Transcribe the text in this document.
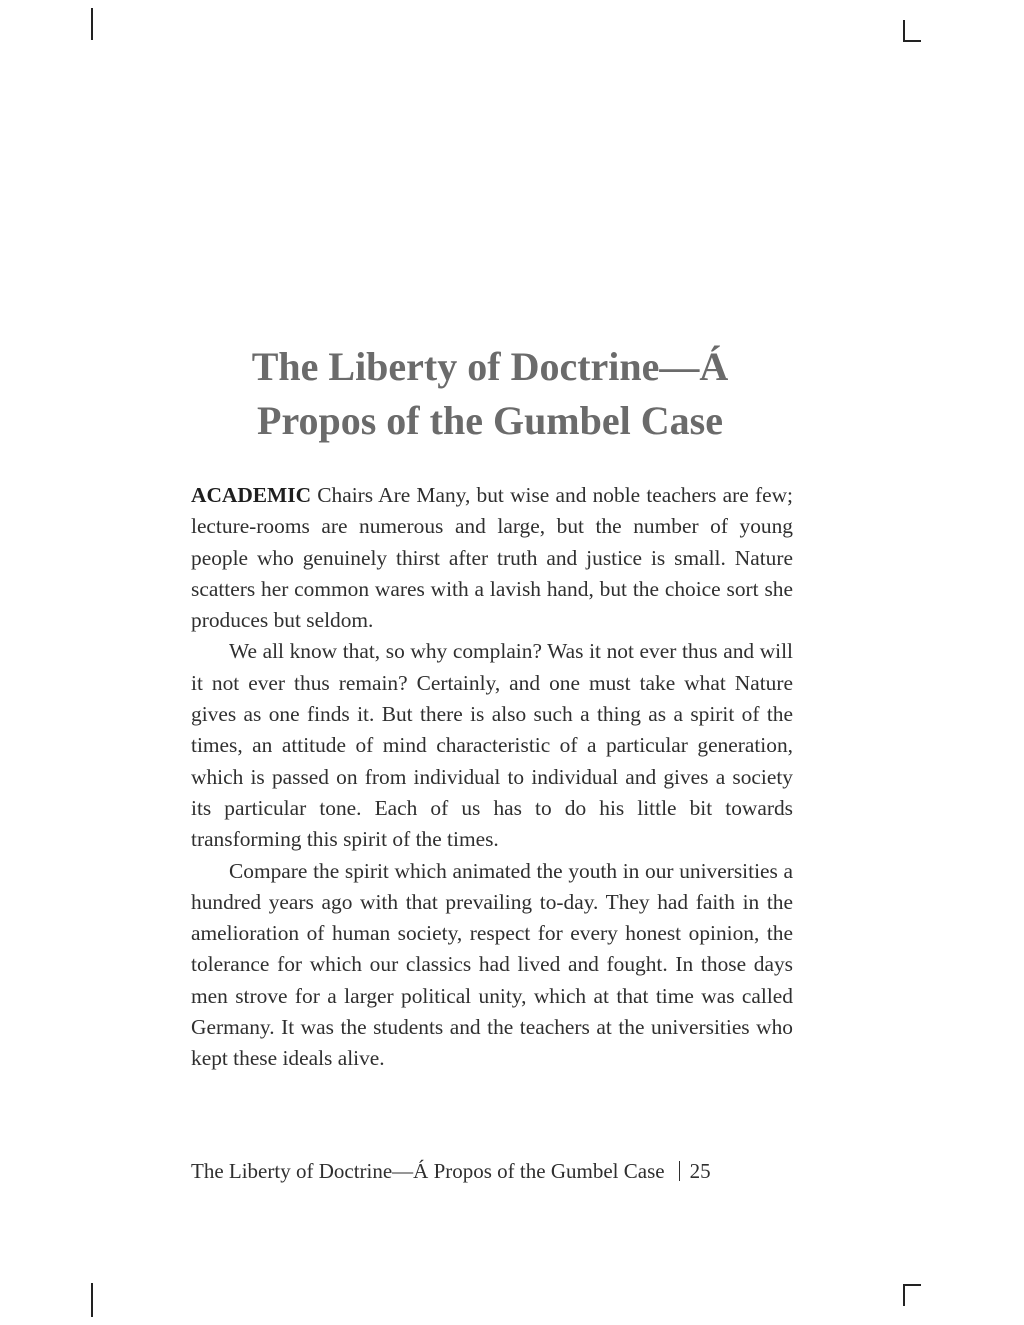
The Liberty of Doctrine—Á
Propos of the Gumbel Case

ACADEMIC Chairs Are Many, but wise and noble teachers are few; lecture-rooms are numerous and large, but the number of young people who genuinely thirst after truth and justice is small. Nature scatters her common wares with a lavish hand, but the choice sort she produces but seldom.

We all know that, so why complain? Was it not ever thus and will it not ever thus remain? Certainly, and one must take what Nature gives as one finds it. But there is also such a thing as a spirit of the times, an attitude of mind characteristic of a particular generation, which is passed on from individual to individual and gives a society its particular tone. Each of us has to do his little bit towards transforming this spirit of the times.

Compare the spirit which animated the youth in our universities a hundred years ago with that prevailing to-day. They had faith in the amelioration of human society, respect for every honest opinion, the tolerance for which our classics had lived and fought. In those days men strove for a larger political unity, which at that time was called Germany. It was the students and the teachers at the universities who kept these ideals alive.

The Liberty of Doctrine—Á Propos of the Gumbel Case 25
